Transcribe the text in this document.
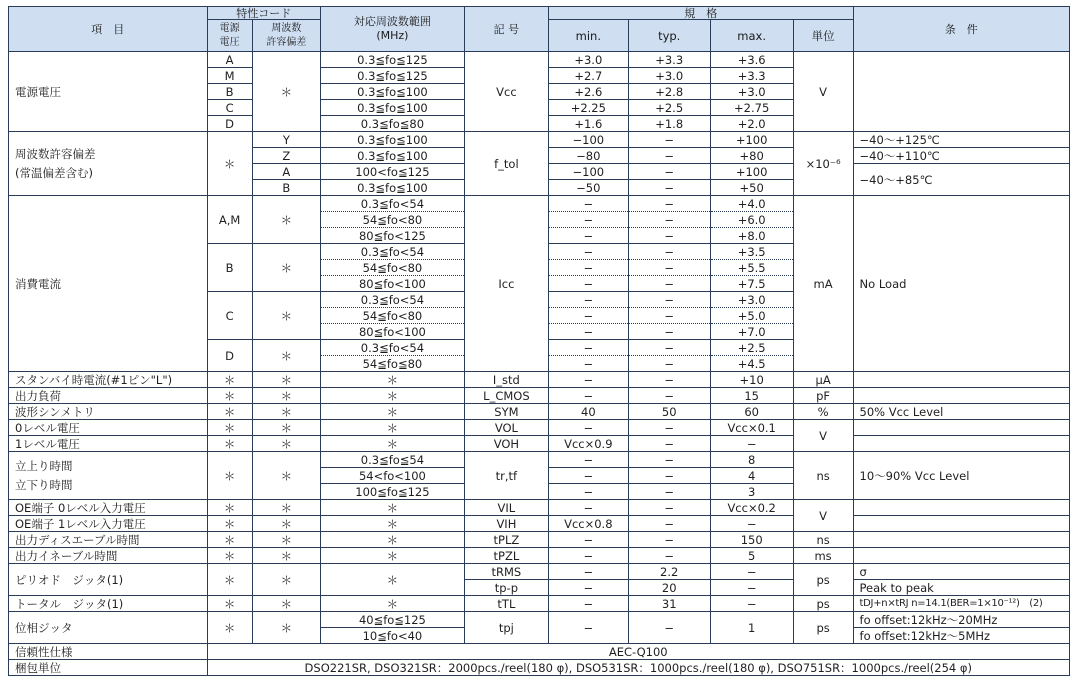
項　目	特性コード		対応周波数範囲
(MHz)	記 号	規　格				条　件

	電源
電圧	周波数
許容偏差			min.	typ.	max.	単位	
電源電圧	A	＊	0.3≦fo≦125	Vcc	+3.0	+3.3	+3.6	V	
	M		0.3≦fo≦125		+2.7	+3.0	+3.3		
	B		0.3≦fo≦100		+2.6	+2.8	+3.0		
	C		0.3≦fo≦100		+2.25	+2.5	+2.75		
	D		0.3≦fo≦80		+1.6	+1.8	+2.0		

周波数許容偏差
(常温偏差含む)	＊	Y	0.3≦fo≦100	f_tol	−100	−	+100	×10⁻⁶	−40〜+125℃
		Z	0.3≦fo≦100		−80	−	+80		−40〜+110℃
		A	100<fo≦125		−100	−	+100		−40〜+85℃
		B	0.3≦fo≦100		−50	−	+50		
消費電流	A,M	＊	0.3≦fo<54	Icc	−	−	+4.0	mA	No Load
			54≦fo<80		−	−	+6.0		
			80≦fo<125		−	−	+8.0		
	B	＊	0.3≦fo<54		−	−	+3.5		
			54≦fo<80		−	−	+5.5		
			80≦fo<100		−	−	+7.5		
	C	＊	0.3≦fo<54		−	−	+3.0		
			54≦fo<80		−	−	+5.0		
			80≦fo<100		−	−	+7.0		
	D	＊	0.3≦fo<54		−	−	+2.5		
			54≦fo≦80		−	−	+4.5		
スタンバイ時電流(#1ピン"L")	＊	＊	＊	I_std	−	−	+10	μA	
出力負荷	＊	＊	＊	L_CMOS	−	−	15	pF	
波形シンメトリ	＊	＊	＊	SYM	40	50	60	%	50% Vcc Level
0レベル電圧	＊	＊	＊	VOL	−	−	Vcc×0.1	V	
1レベル電圧	＊	＊	＊	VOH	Vcc×0.9	−	−		

立上り時間
立下り時間	＊	＊	0.3≦fo≦54	tr,tf	−	−	8	ns	10〜90% Vcc Level
			54<fo<100		−	−	4		
			100≦fo≦125		−	−	3		
OE端子 0レベル入力電圧	＊	＊	＊	VIL	−	−	Vcc×0.2	V	
OE端子 1レベル入力電圧	＊	＊	＊	VIH	Vcc×0.8	−	−		
出力ディスエーブル時間	＊	＊	＊	tPLZ	−	−	150	ns	
出力イネーブル時間	＊	＊	＊	tPZL	−	−	5	ms	
ピリオド　ジッタ(1)	＊	＊	＊	tRMS	−	2.2	−	ps	σ
				tp-p	−	20	−		Peak to peak
トータル　ジッタ(1)	＊	＊	＊	tTL	−	31	−	ps	tDJ+n×tRJ n=14.1(BER=1×10⁻¹²)　(2)
位相ジッタ	＊	＊	40≦fo≦125	tpj	−	−	1	ps	fo offset:12kHz〜20MHz
			10≦fo<40						fo offset:12kHz〜5MHz
信頼性仕様	AEC-Q100								
梱包単位	DSO221SR, DSO321SR：2000pcs./reel(180 φ), DSO531SR：1000pcs./reel(180 φ), DSO751SR：1000pcs./reel(254 φ)								
